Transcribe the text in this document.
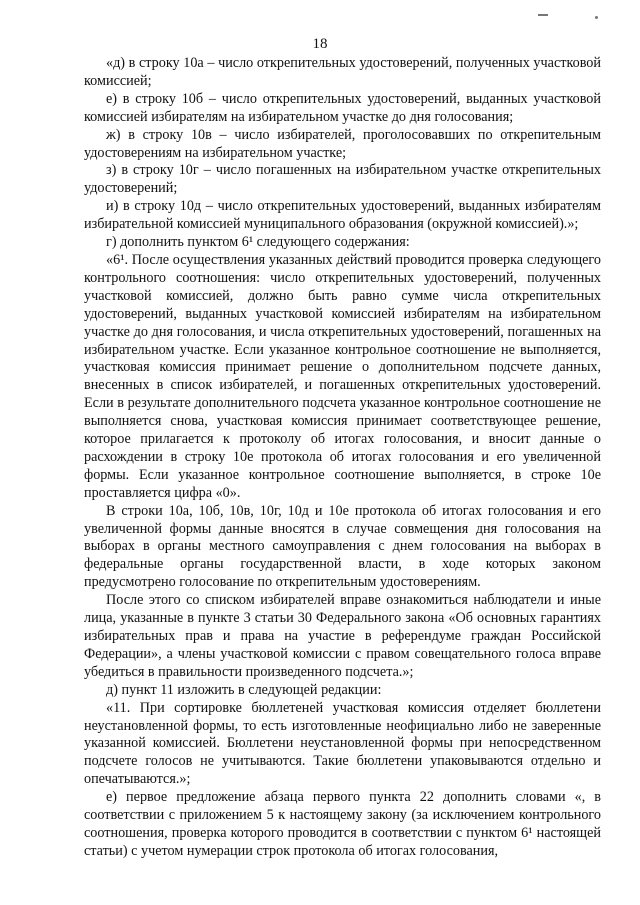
18

«д) в строку 10а – число открепительных удостоверений, полученных участковой комиссией;

е) в строку 10б – число открепительных удостоверений, выданных участковой комиссией избирателям на избирательном участке до дня голосования;

ж) в строку 10в – число избирателей, проголосовавших по открепительным удостоверениям на избирательном участке;

з) в строку 10г – число погашенных на избирательном участке открепительных удостоверений;

и) в строку 10д – число открепительных удостоверений, выданных избирателям избирательной комиссией муниципального образования (окружной комиссией).»;

г) дополнить пунктом 6¹ следующего содержания:

«6¹. После осуществления указанных действий проводится проверка следующего контрольного соотношения: число открепительных удостоверений, полученных участковой комиссией, должно быть равно сумме числа открепительных удостоверений, выданных участковой комиссией избирателям на избирательном участке до дня голосования, и числа открепительных удостоверений, погашенных на избирательном участке. Если указанное контрольное соотношение не выполняется, участковая комиссия принимает решение о дополнительном подсчете данных, внесенных в список избирателей, и погашенных открепительных удостоверений. Если в результате дополнительного подсчета указанное контрольное соотношение не выполняется снова, участковая комиссия принимает соответствующее решение, которое прилагается к протоколу об итогах голосования, и вносит данные о расхождении в строку 10е протокола об итогах голосования и его увеличенной формы. Если указанное контрольное соотношение выполняется, в строке 10е проставляется цифра «0».

В строки 10а, 10б, 10в, 10г, 10д и 10е протокола об итогах голосования и его увеличенной формы данные вносятся в случае совмещения дня голосования на выборах в органы местного самоуправления с днем голосования на выборах в федеральные органы государственной власти, в ходе которых законом предусмотрено голосование по открепительным удостоверениям.

После этого со списком избирателей вправе ознакомиться наблюдатели и иные лица, указанные в пункте 3 статьи 30 Федерального закона «Об основных гарантиях избирательных прав и права на участие в референдуме граждан Российской Федерации», а члены участковой комиссии с правом совещательного голоса вправе убедиться в правильности произведенного подсчета.»;

д) пункт 11 изложить в следующей редакции:

«11. При сортировке бюллетеней участковая комиссия отделяет бюллетени неустановленной формы, то есть изготовленные неофициально либо не заверенные указанной комиссией. Бюллетени неустановленной формы при непосредственном подсчете голосов не учитываются. Такие бюллетени упаковываются отдельно и опечатываются.»;

е) первое предложение абзаца первого пункта 22 дополнить словами «, в соответствии с приложением 5 к настоящему закону (за исключением контрольного соотношения, проверка которого проводится в соответствии с пунктом 6¹ настоящей статьи) с учетом нумерации строк протокола об итогах голосования,
